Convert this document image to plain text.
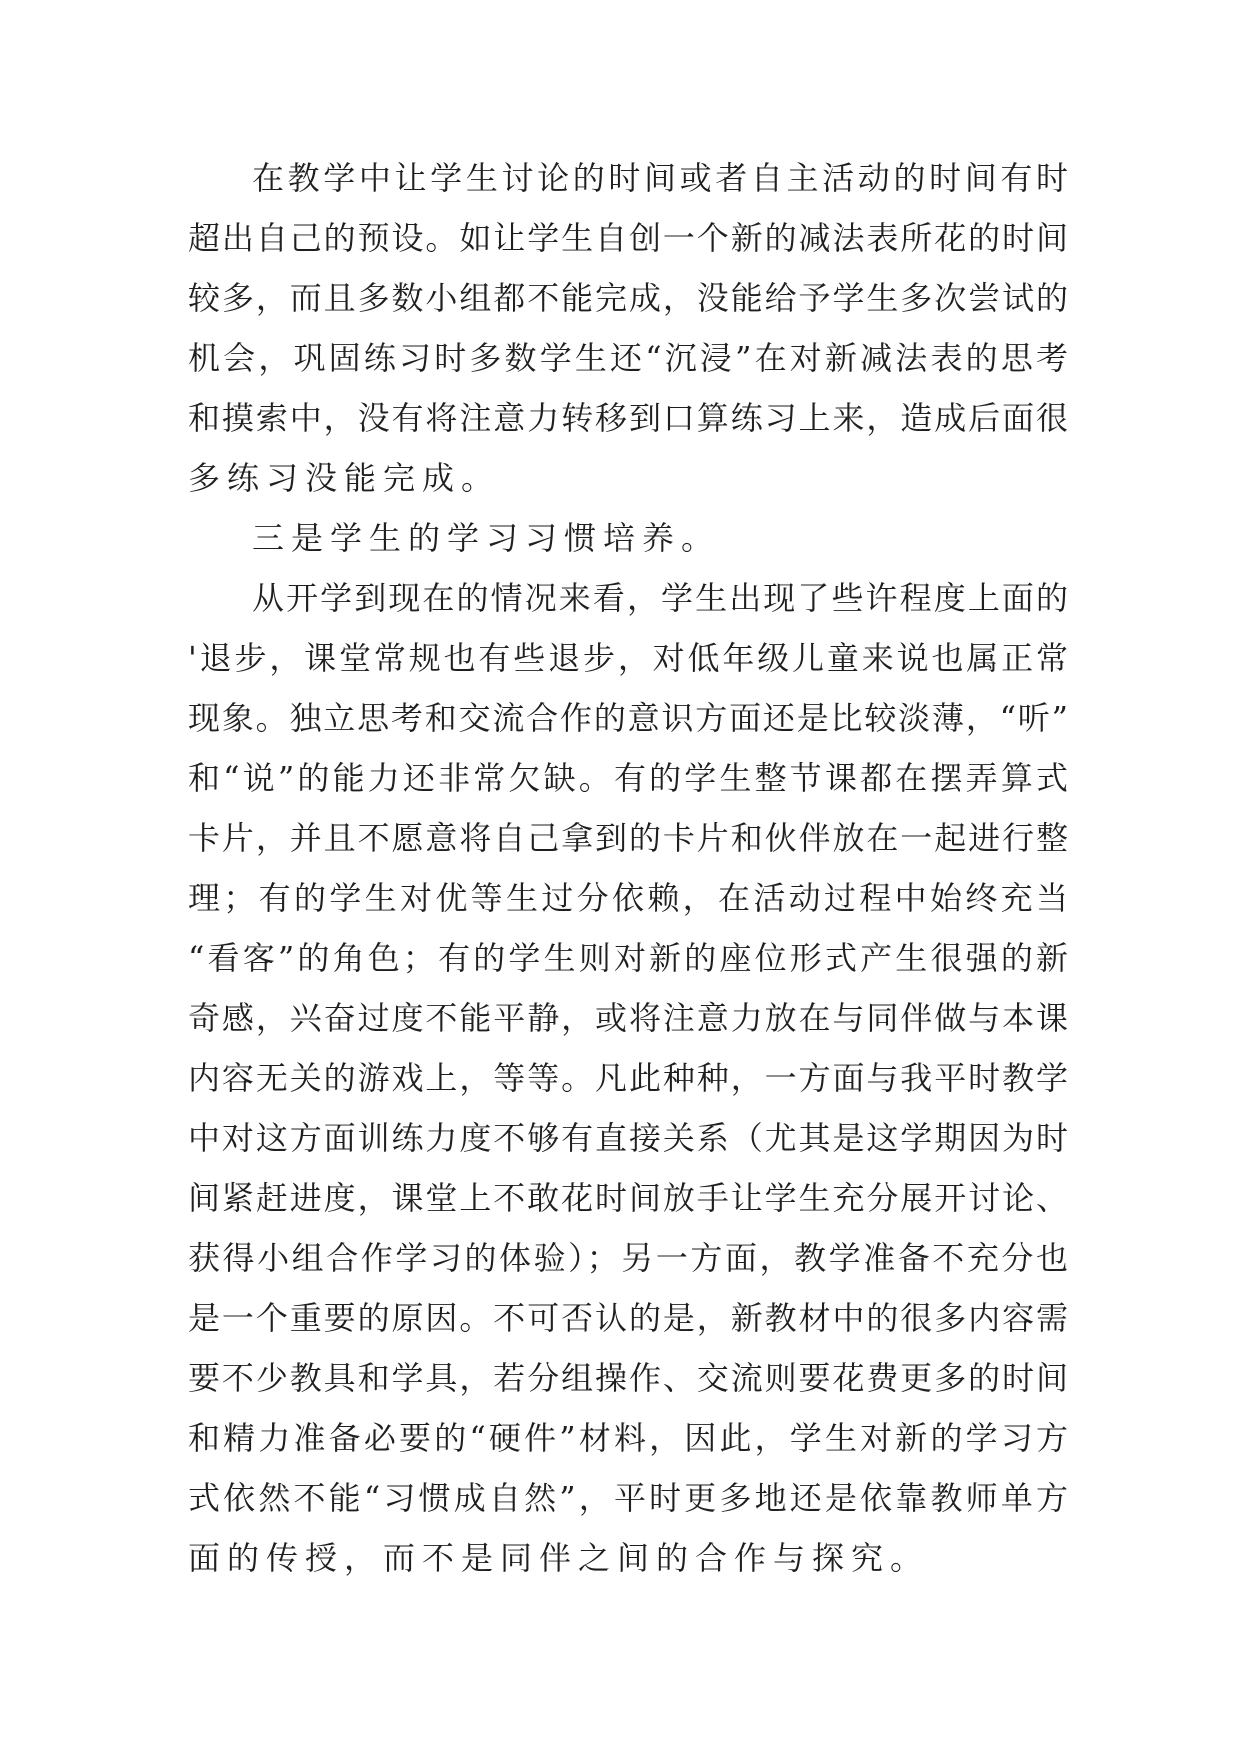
在教学中让学生讨论的时间或者自主活动的时间有时
超出自己的预设。如让学生自创一个新的减法表所花的时间
较多，而且多数小组都不能完成，没能给予学生多次尝试的
机会，巩固练习时多数学生还“沉浸”在对新减法表的思考
和摸索中，没有将注意力转移到口算练习上来，造成后面很
多练习没能完成。
三是学生的学习习惯培养。
从开学到现在的情况来看，学生出现了些许程度上面的
'退步，课堂常规也有些退步，对低年级儿童来说也属正常
现象。独立思考和交流合作的意识方面还是比较淡薄，“听”
和“说”的能力还非常欠缺。有的学生整节课都在摆弄算式
卡片，并且不愿意将自己拿到的卡片和伙伴放在一起进行整
理；有的学生对优等生过分依赖，在活动过程中始终充当
“看客”的角色；有的学生则对新的座位形式产生很强的新
奇感，兴奋过度不能平静，或将注意力放在与同伴做与本课
内容无关的游戏上，等等。凡此种种，一方面与我平时教学
中对这方面训练力度不够有直接关系（尤其是这学期因为时
间紧赶进度，课堂上不敢花时间放手让学生充分展开讨论、
获得小组合作学习的体验）；另一方面，教学准备不充分也
是一个重要的原因。不可否认的是，新教材中的很多内容需
要不少教具和学具，若分组操作、交流则要花费更多的时间
和精力准备必要的“硬件”材料，因此，学生对新的学习方
式依然不能“习惯成自然”，平时更多地还是依靠教师单方
面的传授，而不是同伴之间的合作与探究。
